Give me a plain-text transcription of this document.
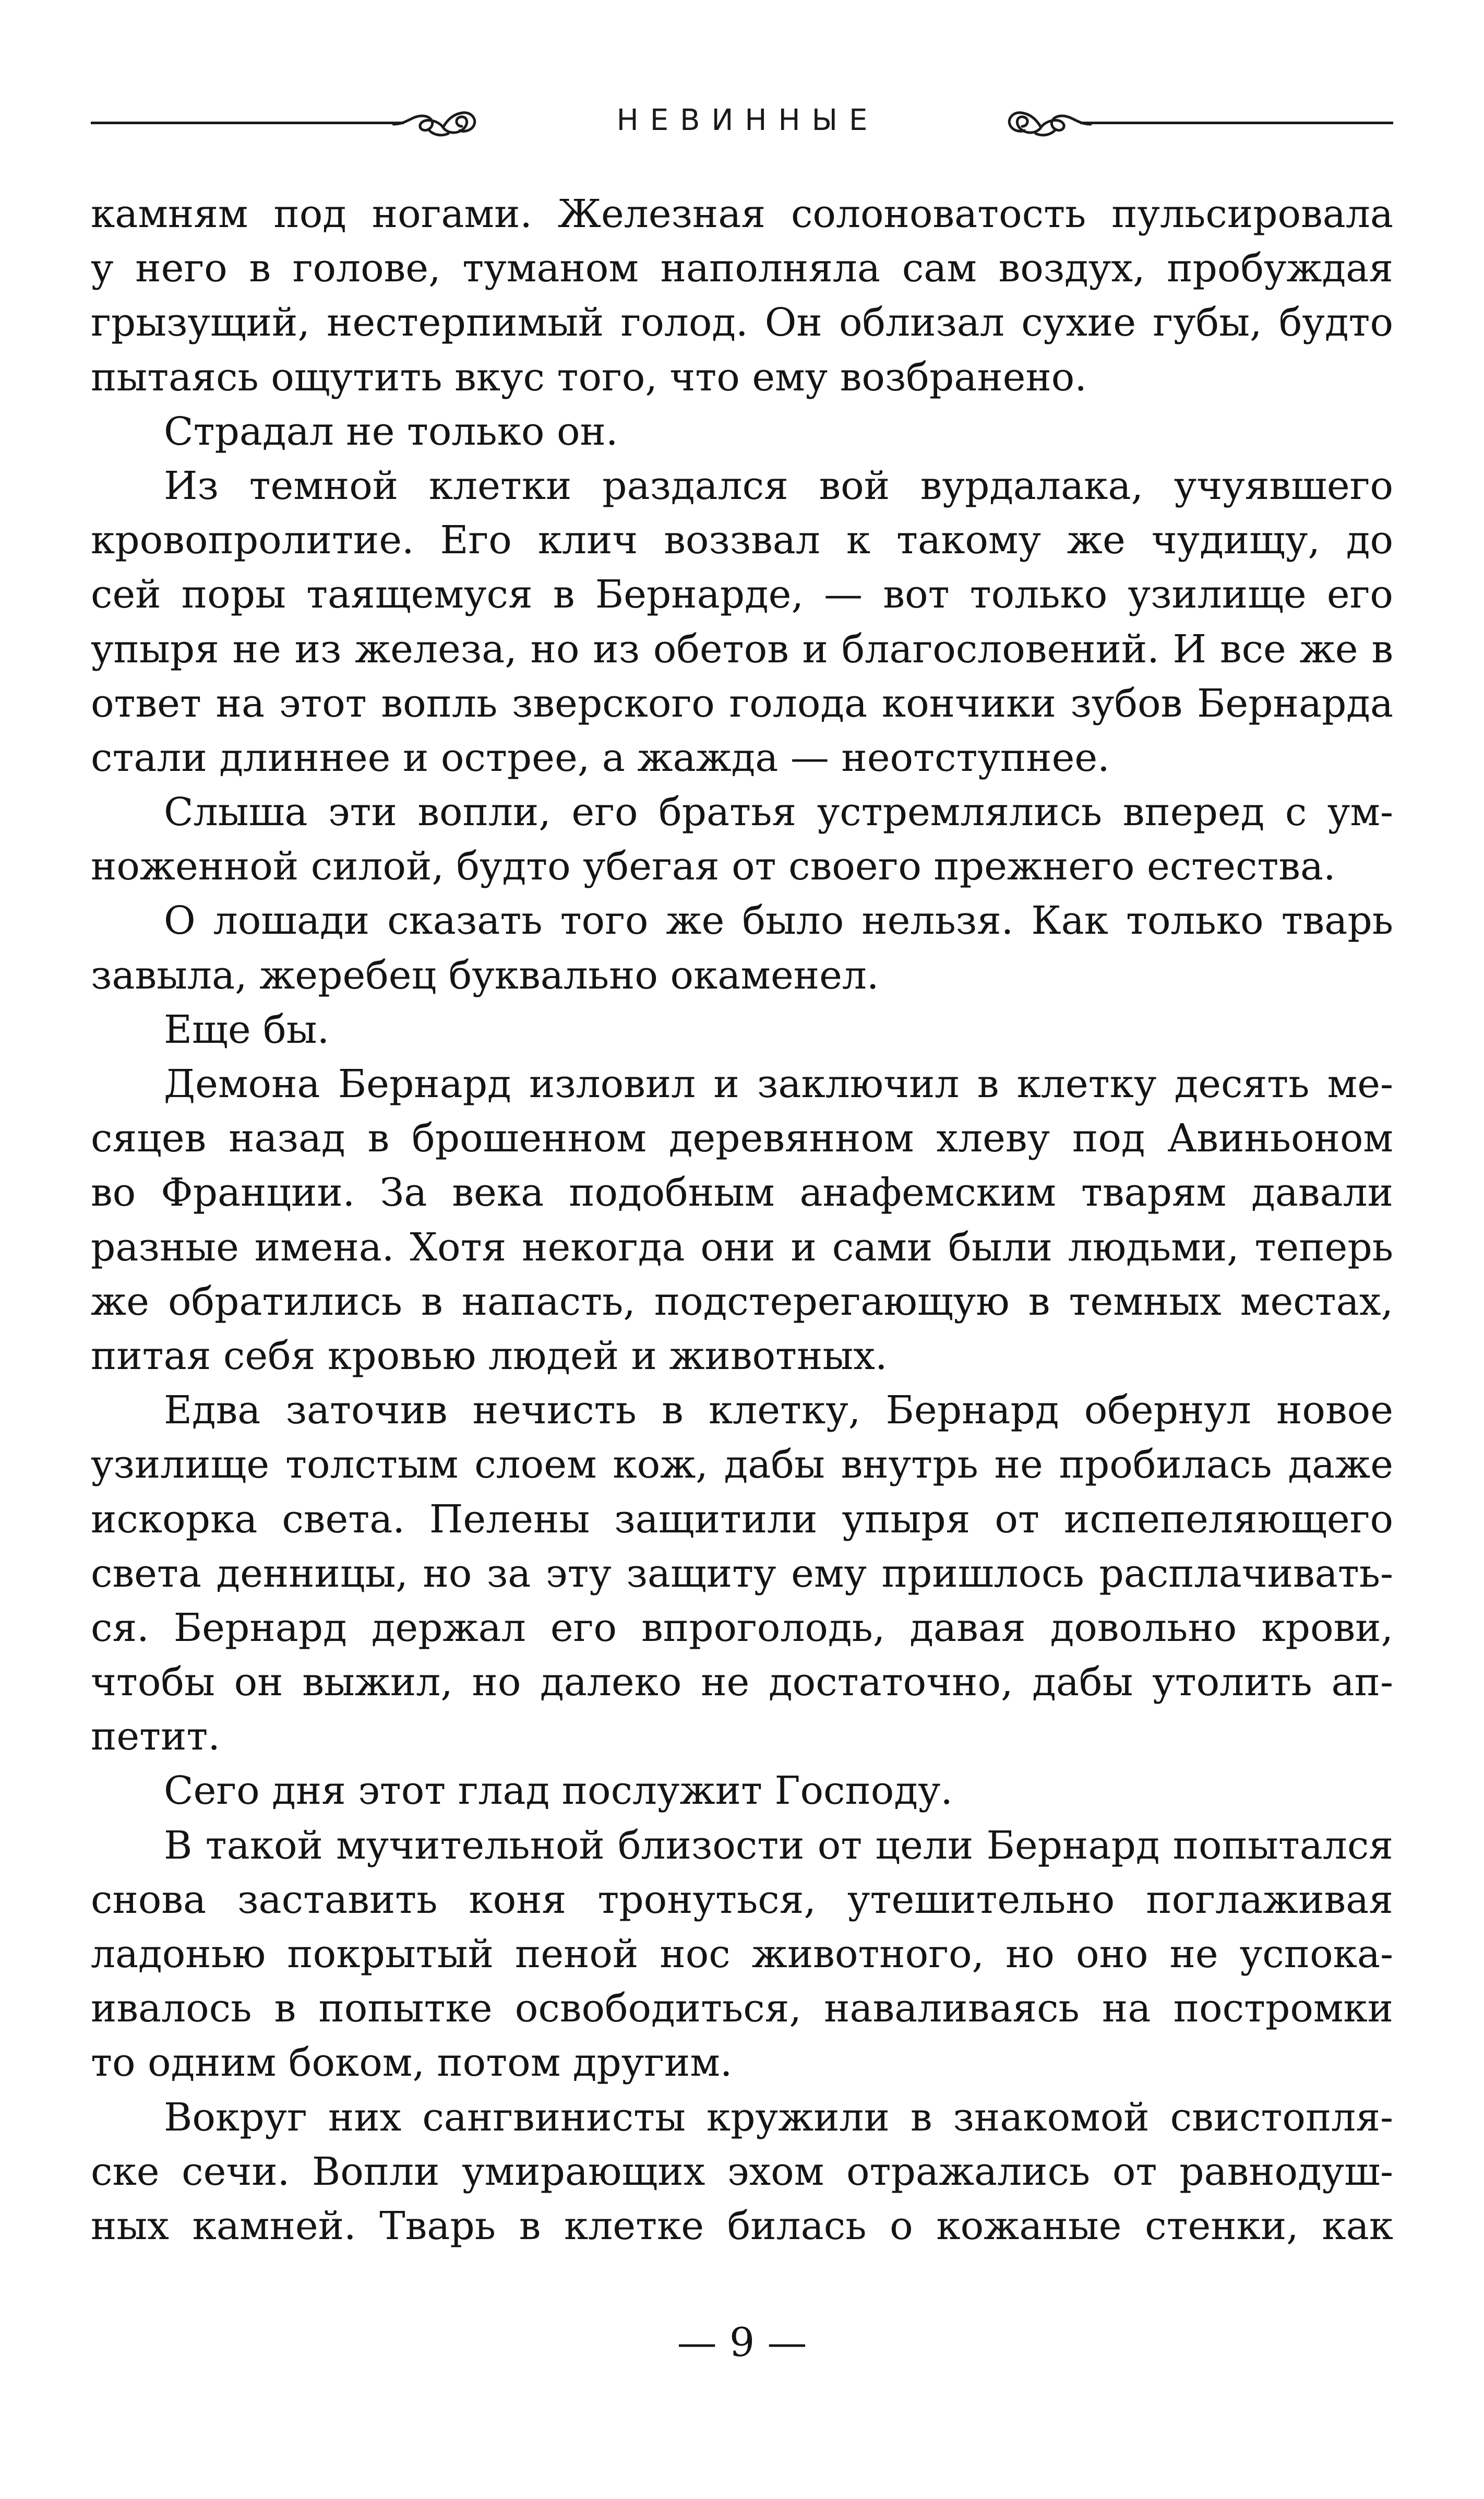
НЕВИННЫЕ
камням под ногами. Железная солоноватость пульсировала
у него в голове, туманом наполняла сам воздух, пробуждая
грызущий, нестерпимый голод. Он облизал сухие губы, будто
пытаясь ощутить вкус того, что ему возбранено.
Страдал не только он.
Из темной клетки раздался вой вурдалака, учуявшего
кровопролитие. Его клич воззвал к такому же чудищу, до
сей поры таящемуся в Бернарде, — вот только узилище его
упыря не из железа, но из обетов и благословений. И все же в
ответ на этот вопль зверского голода кончики зубов Бернарда
стали длиннее и острее, а жажда — неотступнее.
Слыша эти вопли, его братья устремлялись вперед с ум-
ноженной силой, будто убегая от своего прежнего естества.
О лошади сказать того же было нельзя. Как только тварь
завыла, жеребец буквально окаменел.
Еще бы.
Демона Бернард изловил и заключил в клетку десять ме-
сяцев назад в брошенном деревянном хлеву под Авиньоном
во Франции. За века подобным анафемским тварям давали
разные имена. Хотя некогда они и сами были людьми, теперь
же обратились в напасть, подстерегающую в темных местах,
питая себя кровью людей и животных.
Едва заточив нечисть в клетку, Бернард обернул новое
узилище толстым слоем кож, дабы внутрь не пробилась даже
искорка света. Пелены защитили упыря от испепеляющего
света денницы, но за эту защиту ему пришлось расплачивать-
ся. Бернард держал его впроголодь, давая довольно крови,
чтобы он выжил, но далеко не достаточно, дабы утолить ап-
петит.
Сего дня этот глад послужит Господу.
В такой мучительной близости от цели Бернард попытался
снова заставить коня тронуться, утешительно поглаживая
ладонью покрытый пеной нос животного, но оно не успока-
ивалось в попытке освободиться, наваливаясь на постромки
то одним боком, потом другим.
Вокруг них сангвинисты кружили в знакомой свистопля-
ске сечи. Вопли умирающих эхом отражались от равнодуш-
ных камней. Тварь в клетке билась о кожаные стенки, как
— 9 —
